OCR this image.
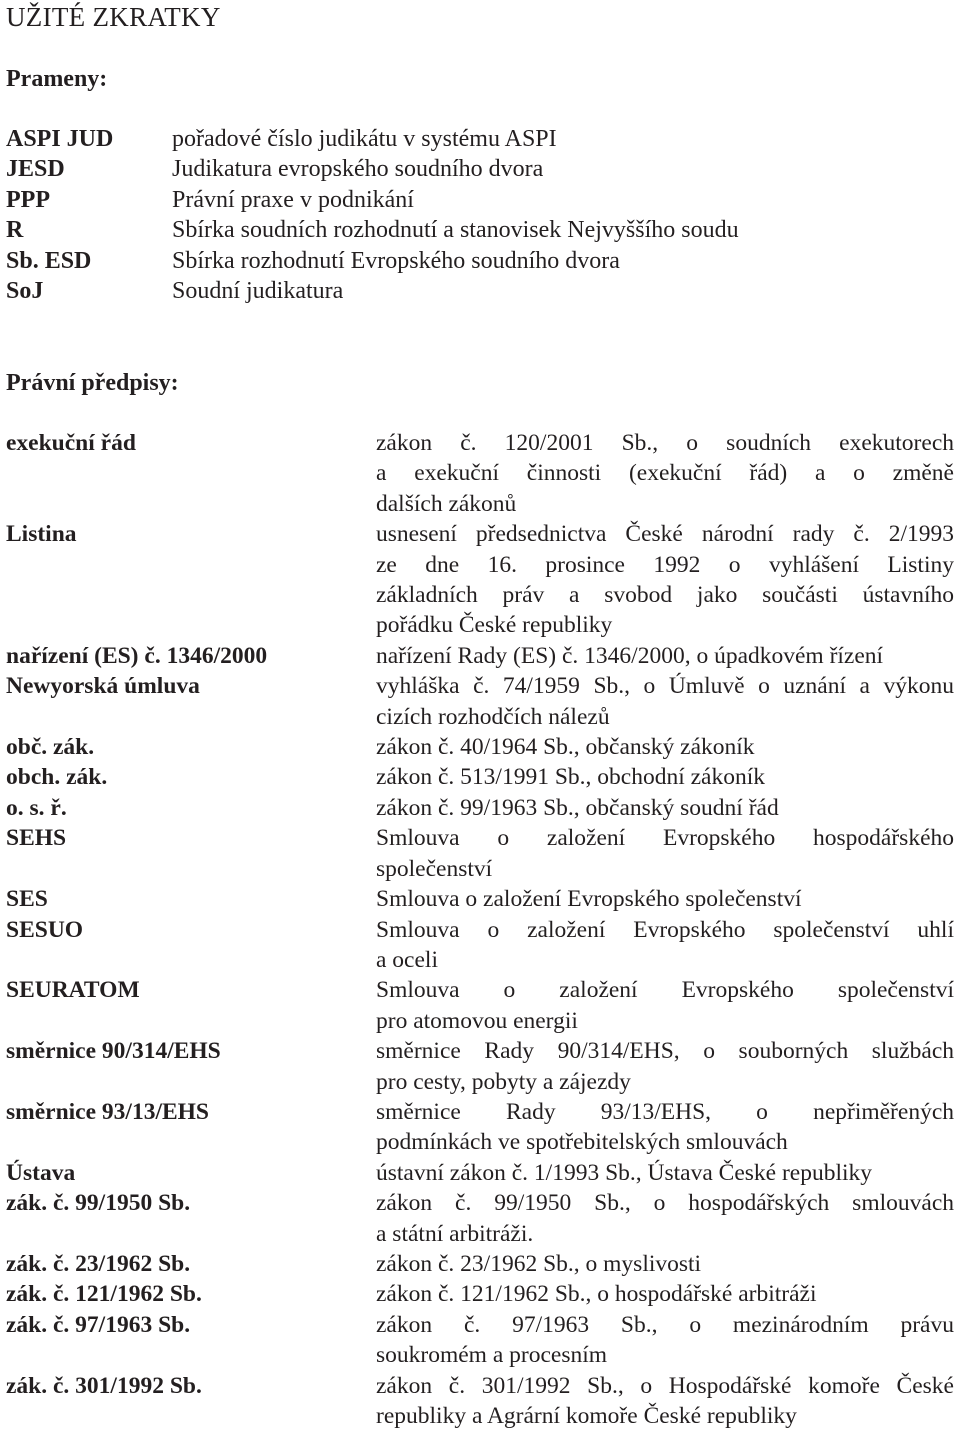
UŽITÉ ZKRATKY
Prameny:
ASPI JUD	pořadové číslo judikátu v systému ASPI
JESD	Judikatura evropského soudního dvora
PPP	Právní praxe v podnikání
R	Sbírka soudních rozhodnutí a stanovisek Nejvyššího soudu
Sb. ESD	Sbírka rozhodnutí Evropského soudního dvora
SoJ	Soudní judikatura
Právní předpisy:
exekuční řád	zákon č. 120/2001 Sb., o soudních exekutorech
a exekuční činnosti (exekuční řád) a o změně
dalších zákonů
Listina	usnesení předsednictva České národní rady č. 2/1993
ze dne 16. prosince 1992 o vyhlášení Listiny
základních práv a svobod jako součásti ústavního
pořádku České republiky
nařízení (ES) č. 1346/2000	nařízení Rady (ES) č. 1346/2000, o úpadkovém řízení
Newyorská úmluva	vyhláška č. 74/1959 Sb., o Úmluvě o uznání a výkonu
cizích rozhodčích nálezů
obč. zák.	zákon č. 40/1964 Sb., občanský zákoník
obch. zák.	zákon č. 513/1991 Sb., obchodní zákoník
o. s. ř.	zákon č. 99/1963 Sb., občanský soudní řád
SEHS	Smlouva o založení Evropského hospodářského
společenství
SES	Smlouva o založení Evropského společenství
SESUO	Smlouva o založení Evropského společenství uhlí
a oceli
SEURATOM	Smlouva o založení Evropského společenství
pro atomovou energii
směrnice 90/314/EHS	směrnice Rady 90/314/EHS, o souborných službách
pro cesty, pobyty a zájezdy
směrnice 93/13/EHS	směrnice Rady 93/13/EHS, o nepřiměřených
podmínkách ve spotřebitelských smlouvách
Ústava	ústavní zákon č. 1/1993 Sb., Ústava České republiky
zák. č. 99/1950 Sb.	zákon č. 99/1950 Sb., o hospodářských smlouvách
a státní arbitráži.
zák. č. 23/1962 Sb.	zákon č. 23/1962 Sb., o myslivosti
zák. č. 121/1962 Sb.	zákon č. 121/1962 Sb., o hospodářské arbitráži
zák. č. 97/1963 Sb.	zákon č. 97/1963 Sb., o mezinárodním právu
soukromém a procesním
zák. č. 301/1992 Sb.	zákon č. 301/1992 Sb., o Hospodářské komoře České
republiky a Agrární komoře České republiky
